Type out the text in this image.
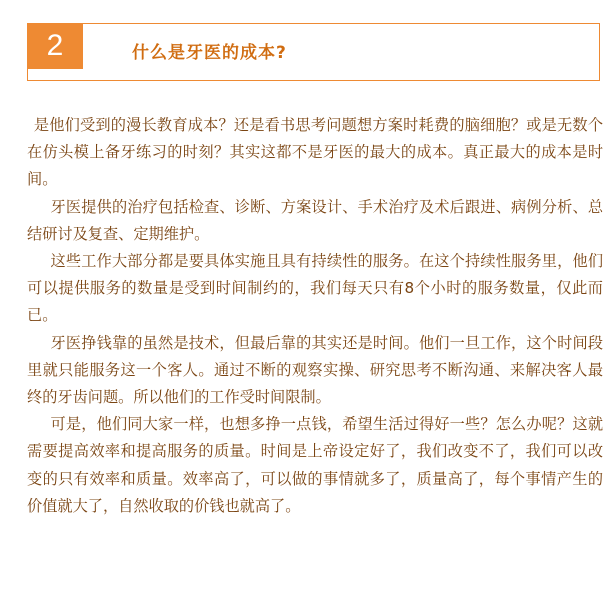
2	什么是牙医的成本?

是他们受到的漫长教育成本？还是看书思考问题想方案时耗费的脑细胞？或是无数个在仿头模上备牙练习的时刻？其实这都不是牙医的最大的成本。真正最大的成本是时间。

牙医提供的治疗包括检查、诊断、方案设计、手术治疗及术后跟进、病例分析、总结研讨及复查、定期维护。

这些工作大部分都是要具体实施且具有持续性的服务。在这个持续性服务里，他们可以提供服务的数量是受到时间制约的，我们每天只有8个小时的服务数量，仅此而已。

牙医挣钱靠的虽然是技术，但最后靠的其实还是时间。他们一旦工作，这个时间段里就只能服务这一个客人。通过不断的观察实操、研究思考不断沟通、来解决客人最终的牙齿问题。所以他们的工作受时间限制。

可是，他们同大家一样，也想多挣一点钱，希望生活过得好一些？怎么办呢？这就需要提高效率和提高服务的质量。时间是上帝设定好了，我们改变不了，我们可以改变的只有效率和质量。效率高了，可以做的事情就多了，质量高了，每个事情产生的价值就大了，自然收取的价钱也就高了。
